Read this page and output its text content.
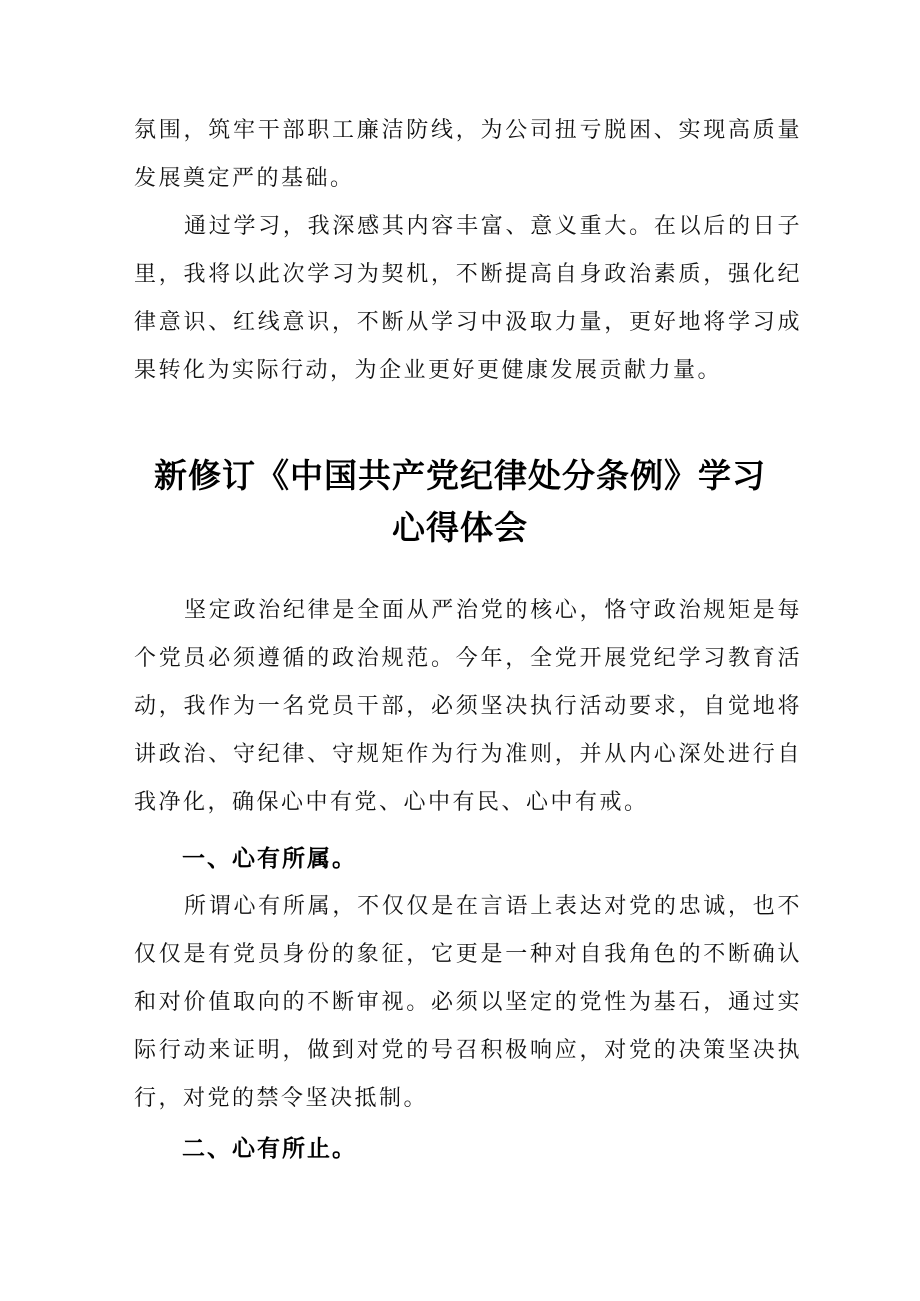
氛围，筑牢干部职工廉洁防线，为公司扭亏脱困、实现高质量发展奠定严的基础。

通过学习，我深感其内容丰富、意义重大。在以后的日子里，我将以此次学习为契机，不断提高自身政治素质，强化纪律意识、红线意识，不断从学习中汲取力量，更好地将学习成果转化为实际行动，为企业更好更健康发展贡献力量。

新修订《中国共产党纪律处分条例》学习
心得体会

坚定政治纪律是全面从严治党的核心，恪守政治规矩是每个党员必须遵循的政治规范。今年，全党开展党纪学习教育活动，我作为一名党员干部，必须坚决执行活动要求，自觉地将讲政治、守纪律、守规矩作为行为准则，并从内心深处进行自我净化，确保心中有党、心中有民、心中有戒。

一、心有所属。

所谓心有所属，不仅仅是在言语上表达对党的忠诚，也不仅仅是有党员身份的象征，它更是一种对自我角色的不断确认和对价值取向的不断审视。必须以坚定的党性为基石，通过实际行动来证明，做到对党的号召积极响应，对党的决策坚决执行，对党的禁令坚决抵制。

二、心有所止。
